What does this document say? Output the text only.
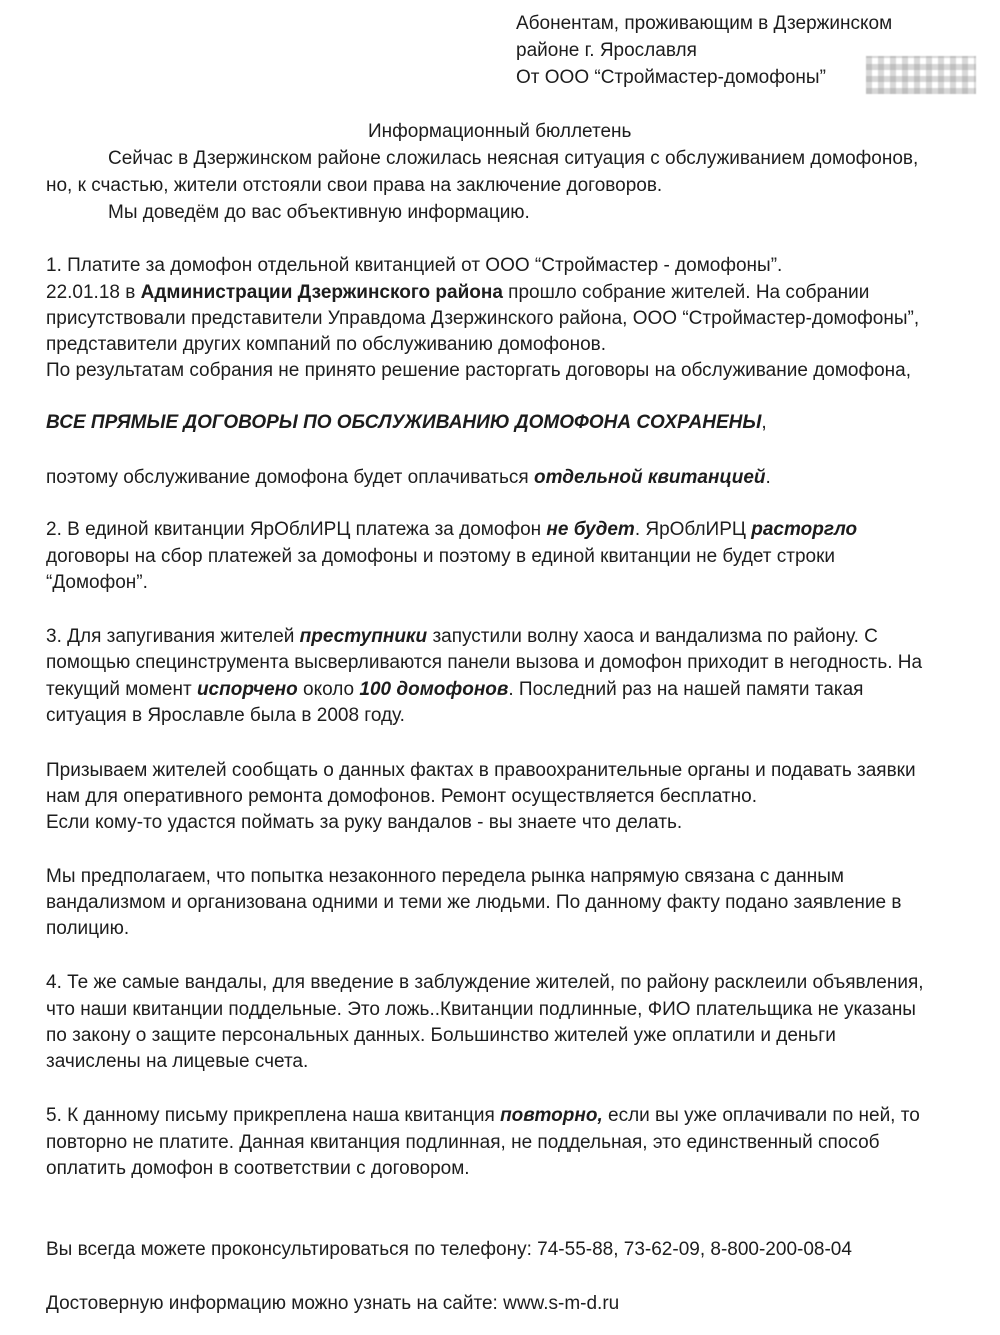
Абонентам, проживающим в Дзержинском
районе г. Ярославля
От ООО “Строймастер-домофоны”
Информационный бюллетень
Сейчас в Дзержинском районе сложилась неясная ситуация с обслуживанием домофонов,
но, к счастью, жители отстояли свои права на заключение договоров.
Мы доведём до вас объективную информацию.
1. Платите за домофон отдельной квитанцией от ООО “Строймастер - домофоны”.
22.01.18 в Администрации Дзержинского района прошло собрание жителей. На собрании
присутствовали представители Управдома Дзержинского района, ООО “Строймастер-домофоны”,
представители других компаний по обслуживанию домофонов.
По результатам собрания не принято решение расторгать договоры на обслуживание домофона,
ВСЕ ПРЯМЫЕ ДОГОВОРЫ ПО ОБСЛУЖИВАНИЮ ДОМОФОНА СОХРАНЕНЫ,
поэтому обслуживание домофона будет оплачиваться отдельной квитанцией.
2. В единой квитанции ЯрОблИРЦ платежа за домофон не будет. ЯрОблИРЦ расторгло
договоры на сбор платежей за домофоны и поэтому в единой квитанции не будет строки
“Домофон”.
3. Для запугивания жителей преступники запустили волну хаоса и вандализма по району. С
помощью специнструмента высверливаются панели вызова и домофон приходит в негодность. На
текущий момент испорчено около 100 домофонов. Последний раз на нашей памяти такая
ситуация в Ярославле была в 2008 году.
Призываем жителей сообщать о данных фактах в правоохранительные органы и подавать заявки
нам для оперативного ремонта домофонов. Ремонт осуществляется бесплатно.
Если кому-то удастся поймать за руку вандалов - вы знаете что делать.
Мы предполагаем, что попытка незаконного передела рынка напрямую связана с данным
вандализмом и организована одними и теми же людьми. По данному факту подано заявление в
полицию.
4. Те же самые вандалы, для введение в заблуждение жителей, по району расклеили объявления,
что наши квитанции поддельные. Это ложь..Квитанции подлинные, ФИО плательщика не указаны
по закону о защите персональных данных. Большинство жителей уже оплатили и деньги
зачислены на лицевые счета.
5. К данному письму прикреплена наша квитанция повторно, если вы уже оплачивали по ней, то
повторно не платите. Данная квитанция подлинная, не поддельная, это единственный способ
оплатить домофон в соответствии с договором.
Вы всегда можете проконсультироваться по телефону: 74-55-88, 73-62-09, 8-800-200-08-04
Достоверную информацию можно узнать на сайте: www.s-m-d.ru
